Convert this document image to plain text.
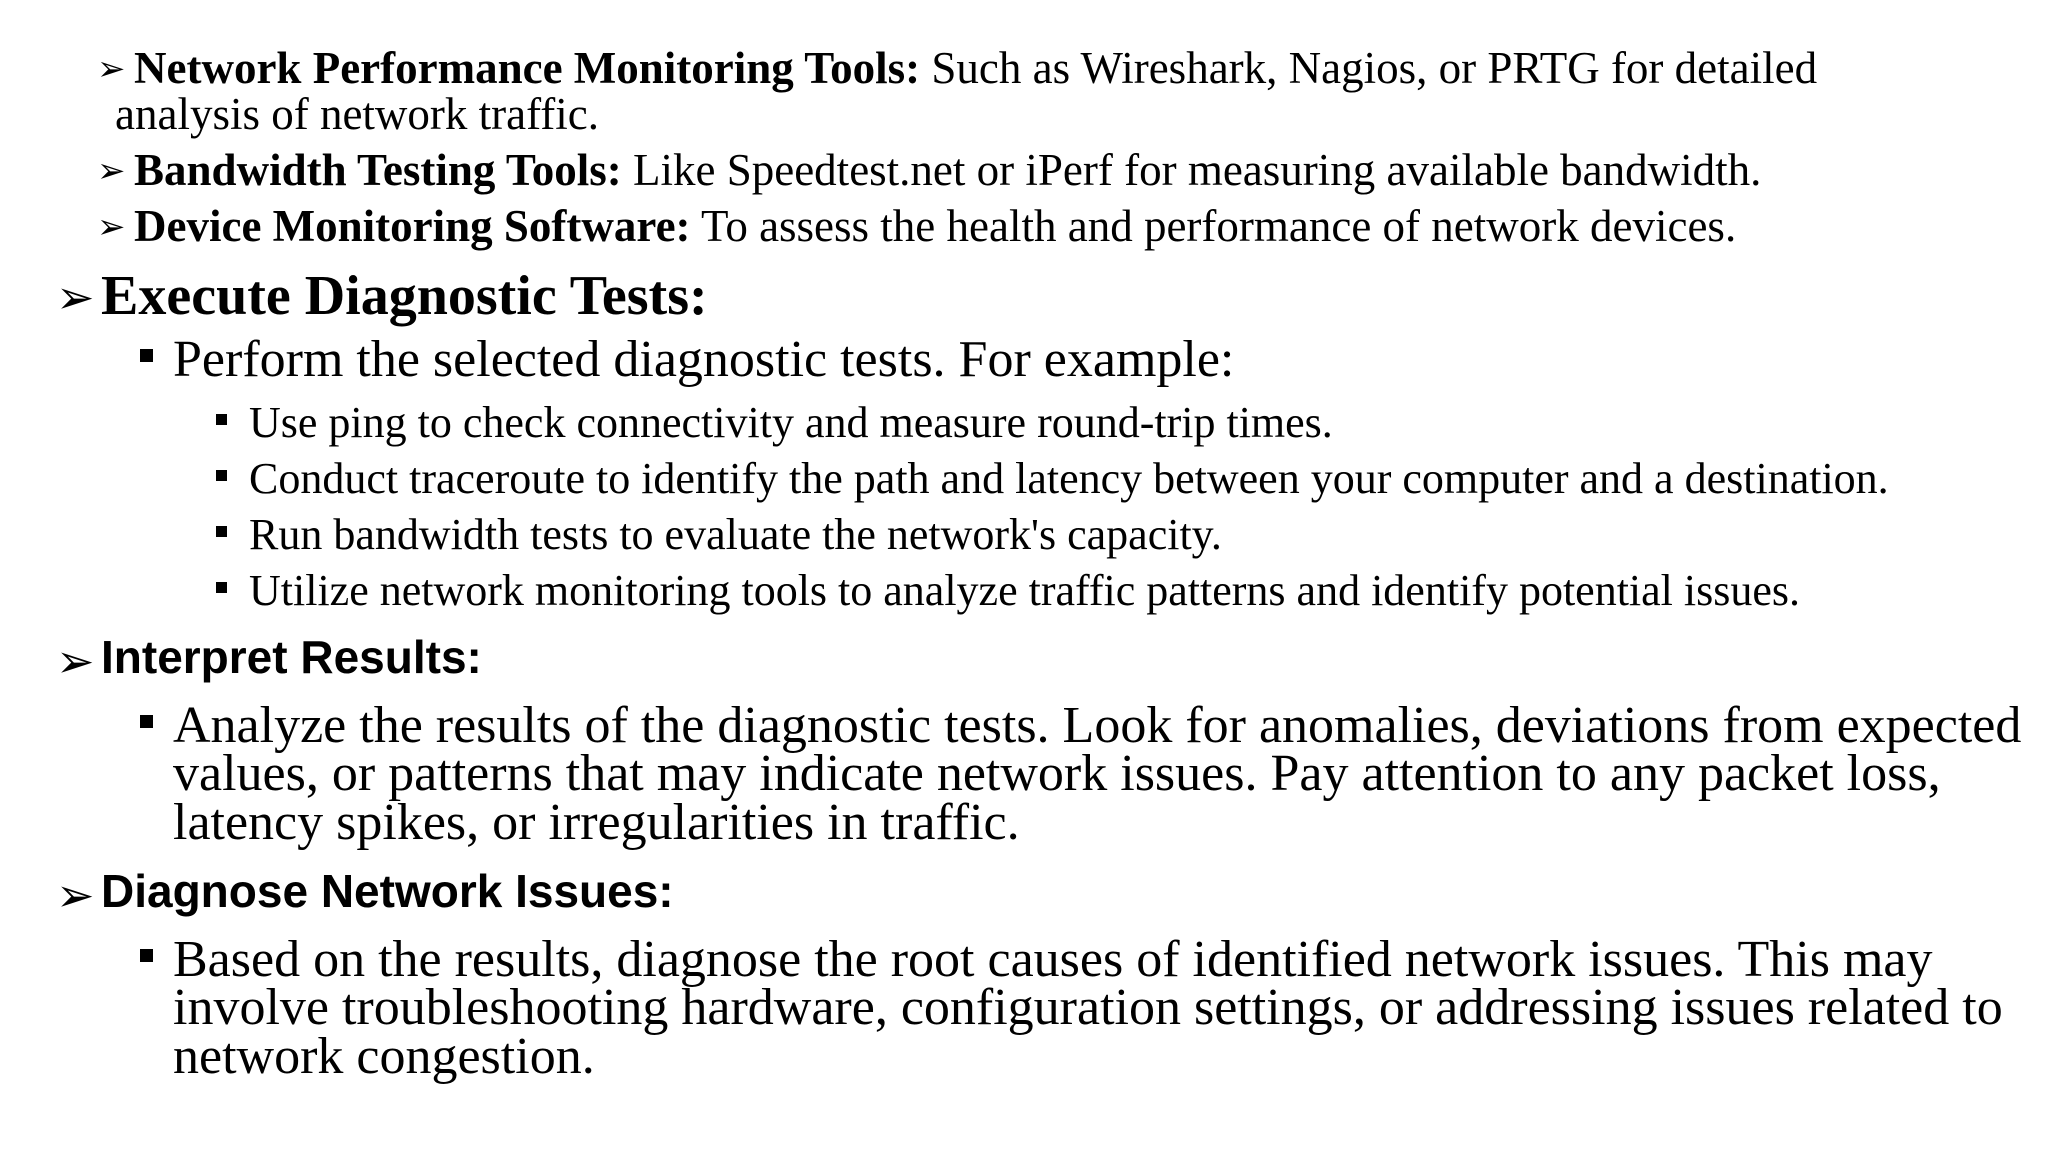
➢ Network Performance Monitoring Tools: Such as Wireshark, Nagios, or PRTG for detailed
analysis of network traffic.
➢ Bandwidth Testing Tools: Like Speedtest.net or iPerf for measuring available bandwidth.
➢ Device Monitoring Software: To assess the health and performance of network devices.
➢ Execute Diagnostic Tests:
Perform the selected diagnostic tests. For example:
Use ping to check connectivity and measure round-trip times.
Conduct traceroute to identify the path and latency between your computer and a destination.
Run bandwidth tests to evaluate the network's capacity.
Utilize network monitoring tools to analyze traffic patterns and identify potential issues.
➢ Interpret Results:
Analyze the results of the diagnostic tests. Look for anomalies, deviations from expected
values, or patterns that may indicate network issues. Pay attention to any packet loss,
latency spikes, or irregularities in traffic.
➢ Diagnose Network Issues:
Based on the results, diagnose the root causes of identified network issues. This may
involve troubleshooting hardware, configuration settings, or addressing issues related to
network congestion.
